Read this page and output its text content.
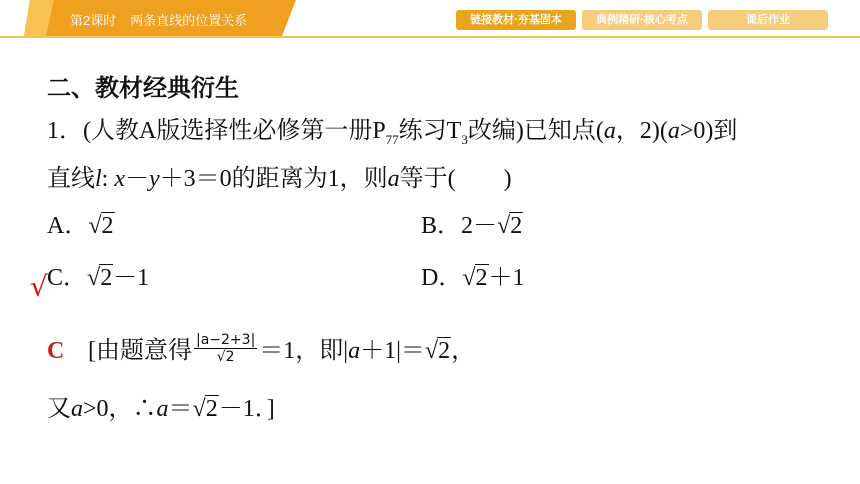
第2课时 两条直线的位置关系	链接教材·夯基固本	典例精研·核心考点	课后作业
二、教材经典衍生
1．(人教A版选择性必修第一册$P_{77}$练习$T_3$改编)已知点(a，2)(a>0)到
直线l: x－y＋3＝0的距离为1，则a等于(　　)
A．√2	B．2－√2
√ C．√2－1	D．√2＋1
C [由题意得 $\frac{|a-2+3|}{√2} =1$，即|a＋1|＝√2，
又a>0，∴a＝√2－1．]
